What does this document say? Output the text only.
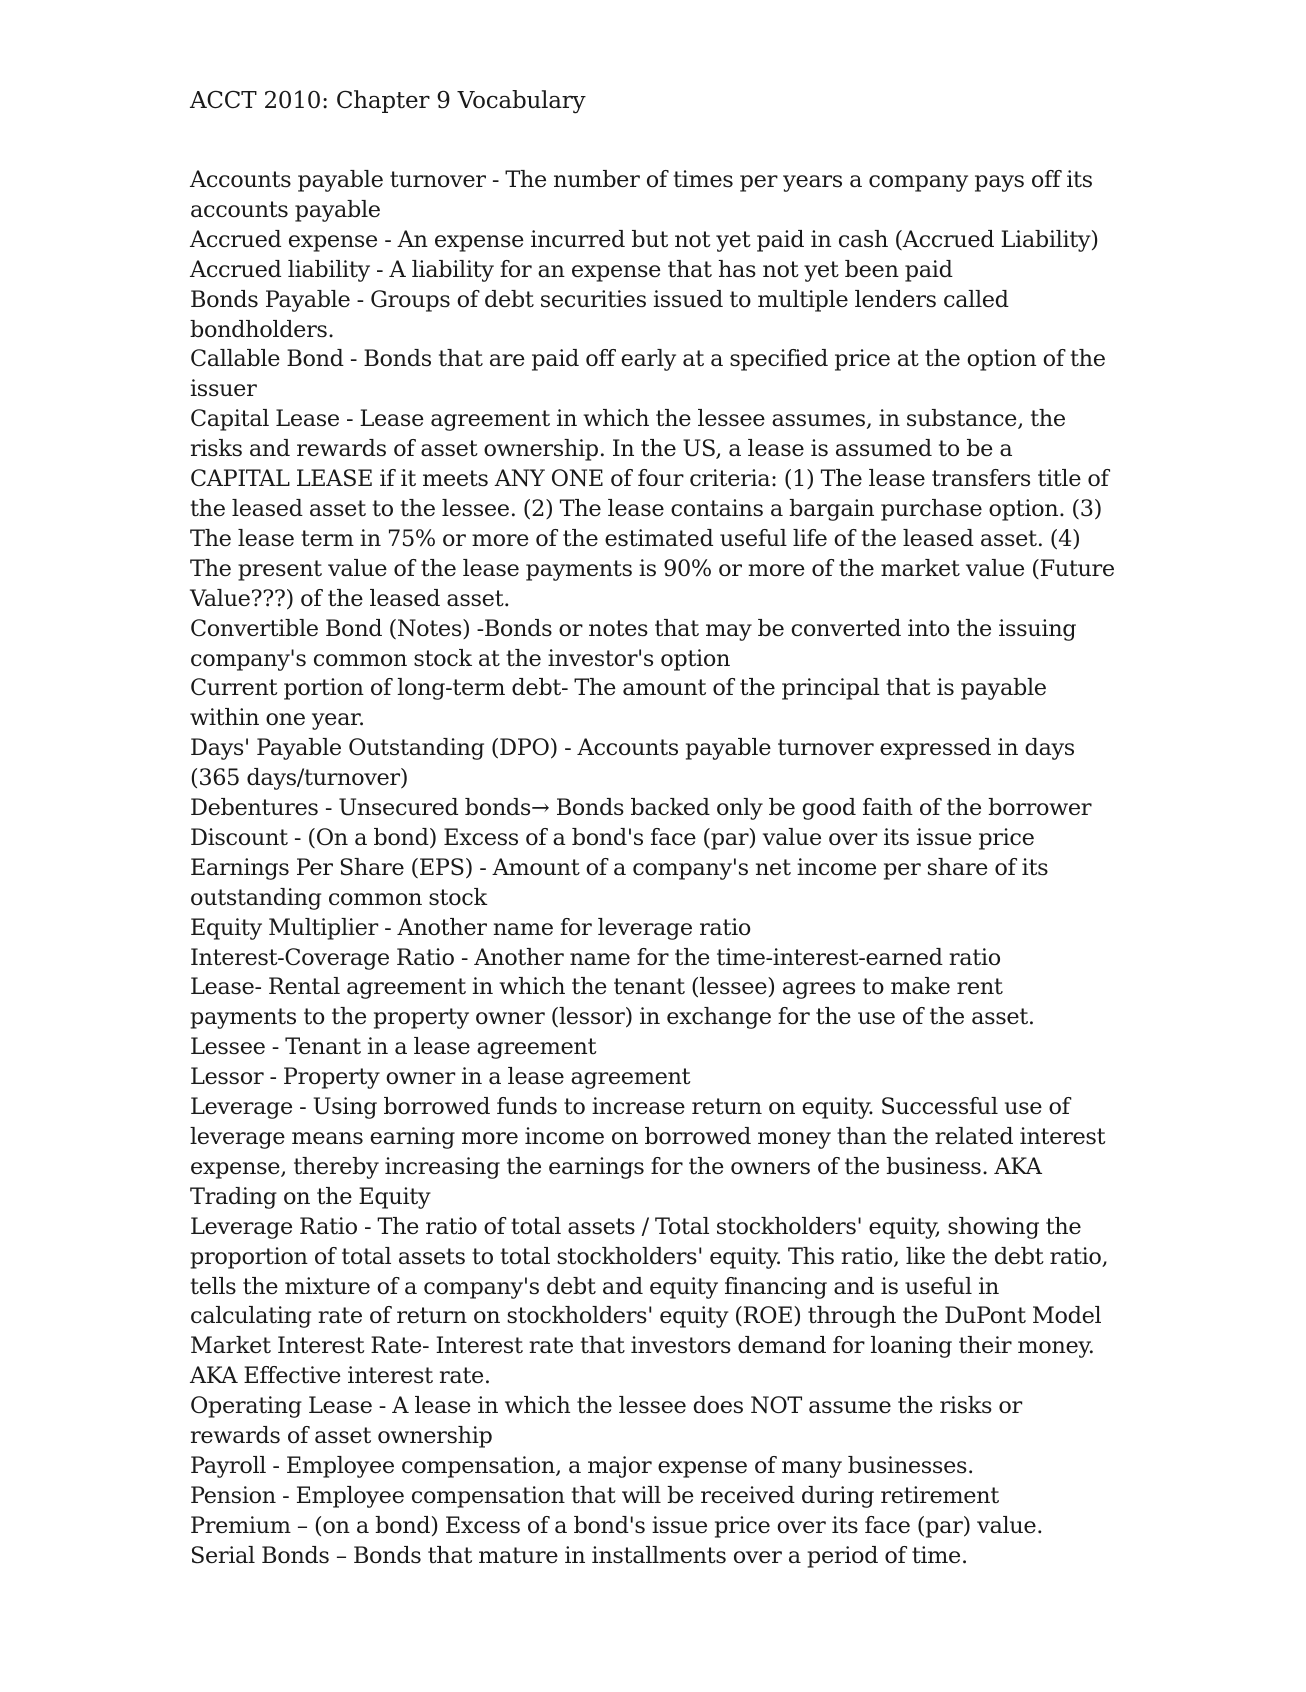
ACCT 2010: Chapter 9 Vocabulary
Accounts payable turnover - The number of times per years a company pays off its accounts payable
Accrued expense - An expense incurred but not yet paid in cash (Accrued Liability)
Accrued liability - A liability for an expense that has not yet been paid
Bonds Payable - Groups of debt securities issued to multiple lenders called bondholders.
Callable Bond - Bonds that are paid off early at a specified price at the option of the issuer
Capital Lease - Lease agreement in which the lessee assumes, in substance, the risks and rewards of asset ownership. In the US, a lease is assumed to be a CAPITAL LEASE if it meets ANY ONE of four criteria: (1) The lease transfers title of the leased asset to the lessee. (2) The lease contains a bargain purchase option. (3) The lease term in 75% or more of the estimated useful life of the leased asset. (4) The present value of the lease payments is 90% or more of the market value (Future Value???) of the leased asset.
Convertible Bond (Notes) -Bonds or notes that may be converted into the issuing company's common stock at the investor's option
Current portion of long-term debt- The amount of the principal that is payable within one year.
Days' Payable Outstanding (DPO) - Accounts payable turnover expressed in days (365 days/turnover)
Debentures - Unsecured bonds→ Bonds backed only be good faith of the borrower
Discount - (On a bond) Excess of a bond's face (par) value over its issue price
Earnings Per Share (EPS) - Amount of a company's net income per share of its outstanding common stock
Equity Multiplier - Another name for leverage ratio
Interest-Coverage Ratio - Another name for the time-interest-earned ratio
Lease- Rental agreement in which the tenant (lessee) agrees to make rent payments to the property owner (lessor) in exchange for the use of the asset.
Lessee - Tenant in a lease agreement
Lessor - Property owner in a lease agreement
Leverage - Using borrowed funds to increase return on equity. Successful use of leverage means earning more income on borrowed money than the related interest expense, thereby increasing the earnings for the owners of the business. AKA Trading on the Equity
Leverage Ratio - The ratio of total assets / Total stockholders' equity, showing the proportion of total assets to total stockholders' equity. This ratio, like the debt ratio, tells the mixture of a company's debt and equity financing and is useful in calculating rate of return on stockholders' equity (ROE) through the DuPont Model
Market Interest Rate- Interest rate that investors demand for loaning their money. AKA Effective interest rate.
Operating Lease - A lease in which the lessee does NOT assume the risks or rewards of asset ownership
Payroll - Employee compensation, a major expense of many businesses.
Pension - Employee compensation that will be received during retirement
Premium – (on a bond) Excess of a bond's issue price over its face (par) value.
Serial Bonds – Bonds that mature in installments over a period of time.
